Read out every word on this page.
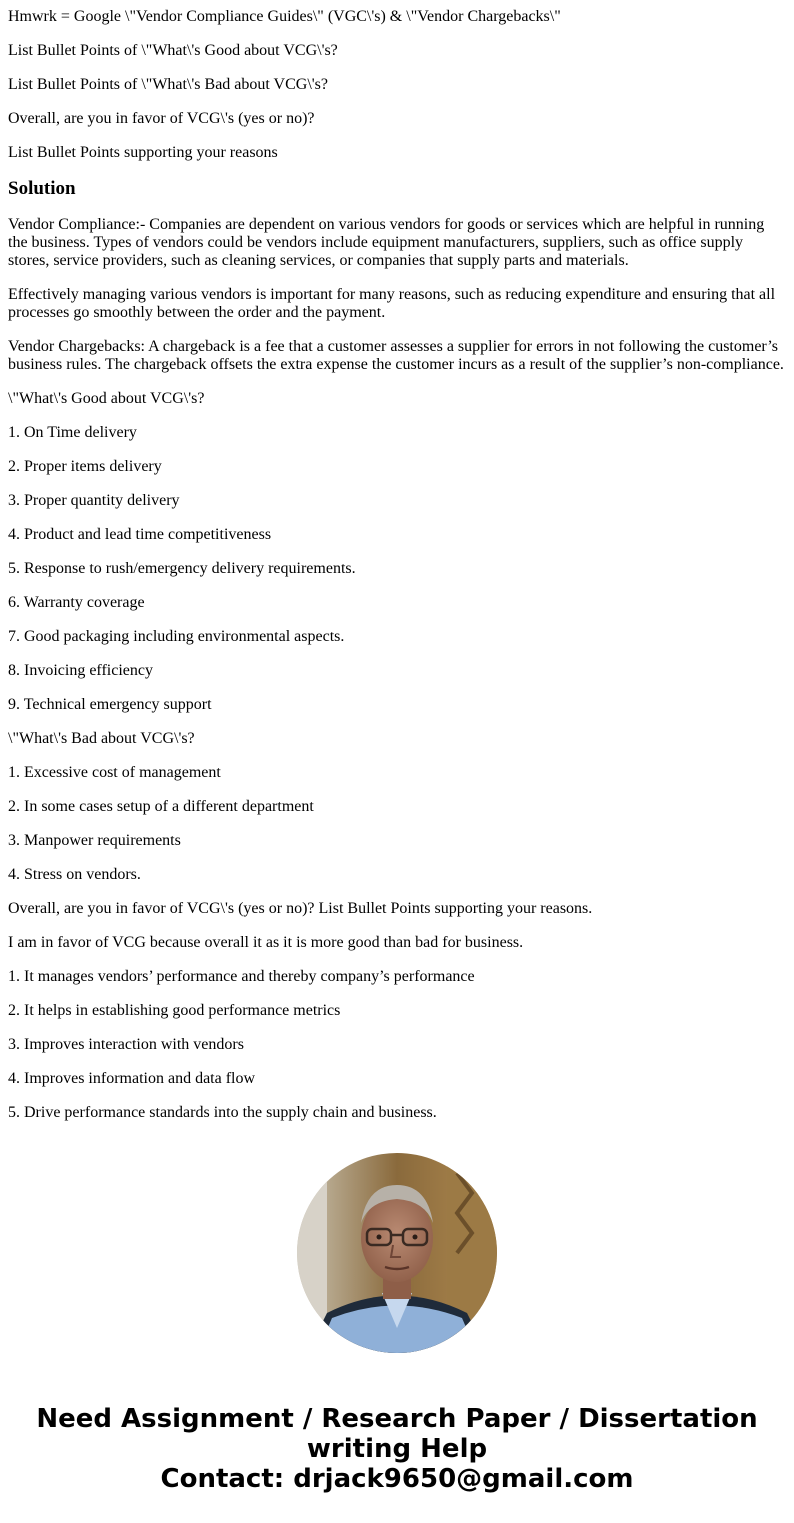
Hmwrk = Google \"Vendor Compliance Guides\" (VGC\'s) & \"Vendor Chargebacks\"

List Bullet Points of \"What\'s Good about VCG\'s?

List Bullet Points of \"What\'s Bad about VCG\'s?

Overall, are you in favor of VCG\'s (yes or no)?

List Bullet Points supporting your reasons

Solution

Vendor Compliance:- Companies are dependent on various vendors for goods or services which are helpful in running the business. Types of vendors could be vendors include equipment manufacturers, suppliers, such as office supply stores, service providers, such as cleaning services, or companies that supply parts and materials.

Effectively managing various vendors is important for many reasons, such as reducing expenditure and ensuring that all processes go smoothly between the order and the payment.

Vendor Chargebacks: A chargeback is a fee that a customer assesses a supplier for errors in not following the customer’s business rules. The chargeback offsets the extra expense the customer incurs as a result of the supplier’s non-compliance.

\"What\'s Good about VCG\'s?

1. On Time delivery

2. Proper items delivery

3. Proper quantity delivery

4. Product and lead time competitiveness

5. Response to rush/emergency delivery requirements.

6. Warranty coverage

7. Good packaging including environmental aspects.

8. Invoicing efficiency

9. Technical emergency support

\"What\'s Bad about VCG\'s?

1. Excessive cost of management

2. In some cases setup of a different department

3. Manpower requirements

4. Stress on vendors.

Overall, are you in favor of VCG\'s (yes or no)? List Bullet Points supporting your reasons.

I am in favor of VCG because overall it as it is more good than bad for business.

1. It manages vendors’ performance and thereby company’s performance

2. It helps in establishing good performance metrics

3. Improves interaction with vendors

4. Improves information and data flow

5. Drive performance standards into the supply chain and business.

Need Assignment / Research Paper / Dissertation
writing Help
Contact: drjack9650@gmail.com
